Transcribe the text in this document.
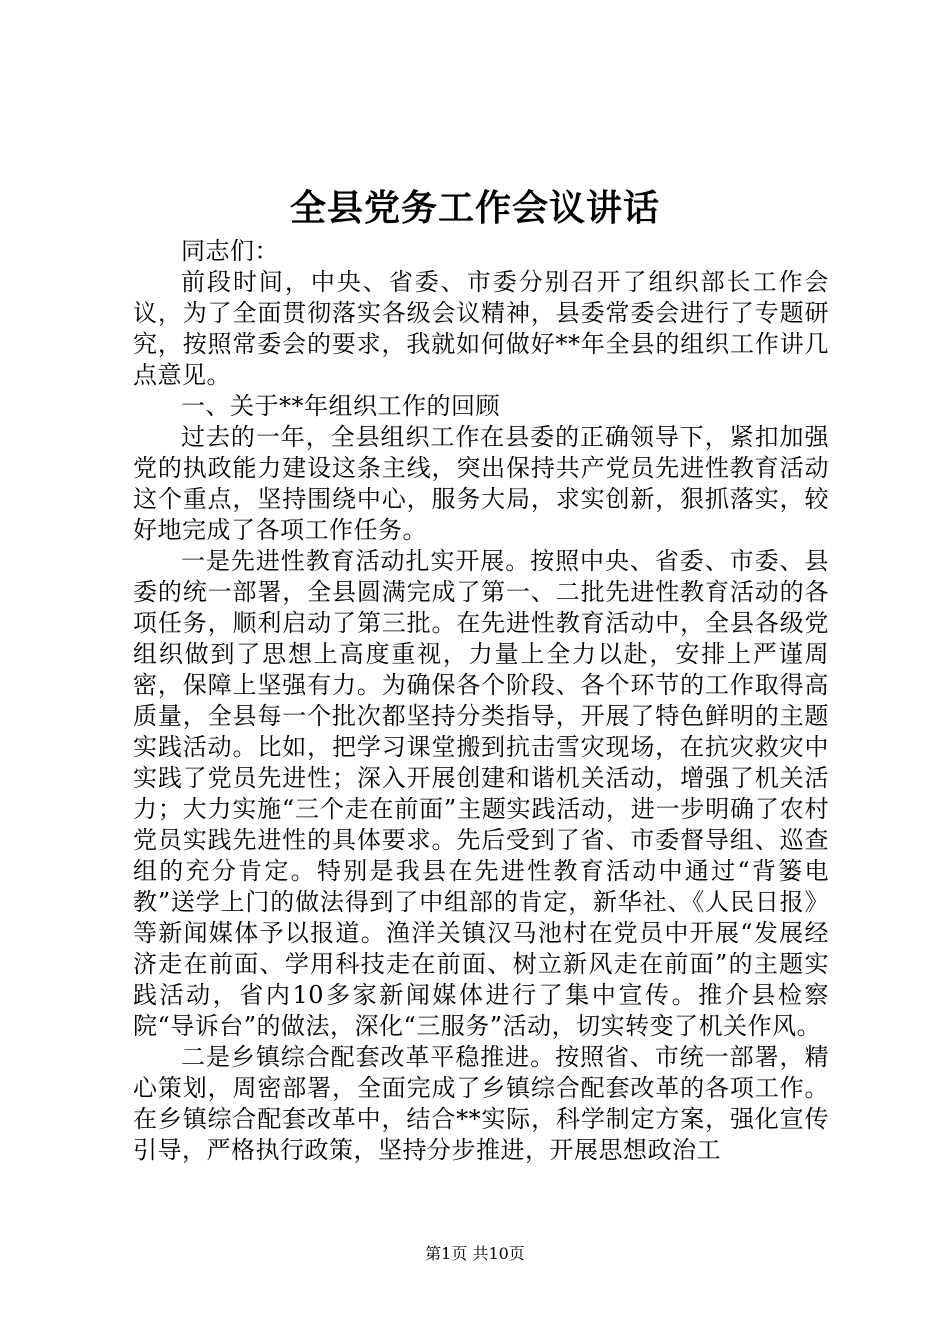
全县党务工作会议讲话

同志们：

前段时间，中央、省委、市委分别召开了组织部长工作会议，为了全面贯彻落实各级会议精神，县委常委会进行了专题研究，按照常委会的要求，我就如何做好**年全县的组织工作讲几点意见。

一、关于**年组织工作的回顾

过去的一年，全县组织工作在县委的正确领导下，紧扣加强党的执政能力建设这条主线，突出保持共产党员先进性教育活动这个重点，坚持围绕中心，服务大局，求实创新，狠抓落实，较好地完成了各项工作任务。

一是先进性教育活动扎实开展。按照中央、省委、市委、县委的统一部署，全县圆满完成了第一、二批先进性教育活动的各项任务，顺利启动了第三批。在先进性教育活动中，全县各级党组织做到了思想上高度重视，力量上全力以赴，安排上严谨周密，保障上坚强有力。为确保各个阶段、各个环节的工作取得高质量，全县每一个批次都坚持分类指导，开展了特色鲜明的主题实践活动。比如，把学习课堂搬到抗击雪灾现场，在抗灾救灾中实践了党员先进性；深入开展创建和谐机关活动，增强了机关活力；大力实施“三个走在前面”主题实践活动，进一步明确了农村党员实践先进性的具体要求。先后受到了省、市委督导组、巡查组的充分肯定。特别是我县在先进性教育活动中通过“背篓电教”送学上门的做法得到了中组部的肯定，新华社、《人民日报》等新闻媒体予以报道。渔洋关镇汉马池村在党员中开展“发展经济走在前面、学用科技走在前面、树立新风走在前面”的主题实践活动，省内10多家新闻媒体进行了集中宣传。推介县检察院“导诉台”的做法，深化“三服务”活动，切实转变了机关作风。

二是乡镇综合配套改革平稳推进。按照省、市统一部署，精心策划，周密部署，全面完成了乡镇综合配套改革的各项工作。在乡镇综合配套改革中，结合**实际，科学制定方案，强化宣传引导，严格执行政策，坚持分步推进，开展思想政治工

第1页 共10页
